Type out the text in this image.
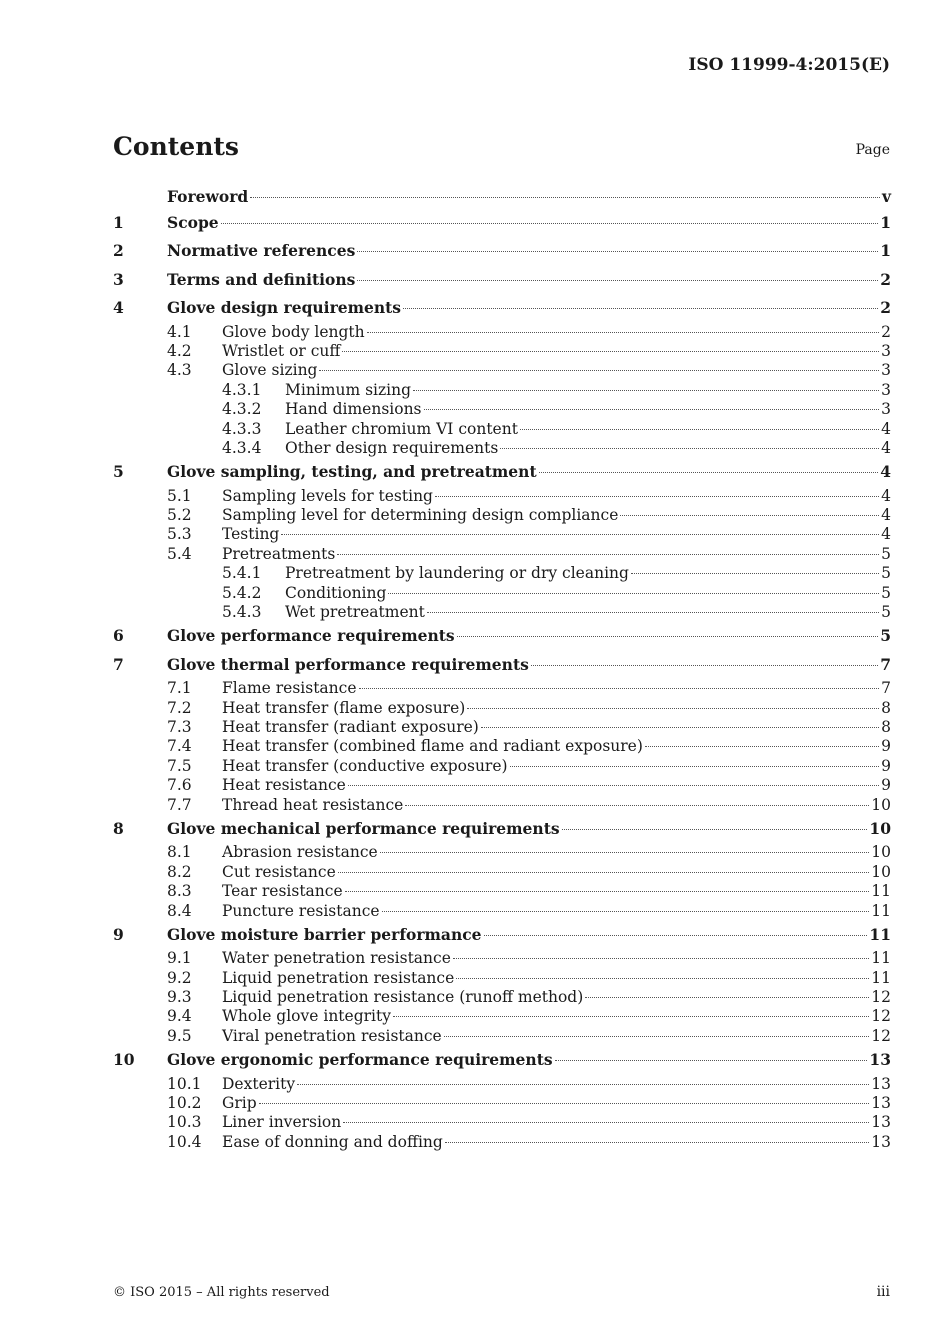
ISO 11999-4:2015(E)
Contents	Page
Foreword	v
1	Scope	1
2	Normative references	1
3	Terms and definitions	2
4	Glove design requirements	2
4.1	Glove body length	2
4.2	Wristlet or cuff	3
4.3	Glove sizing	3
4.3.1	Minimum sizing	3
4.3.2	Hand dimensions	3
4.3.3	Leather chromium VI content	4
4.3.4	Other design requirements	4
5	Glove sampling, testing, and pretreatment	4
5.1	Sampling levels for testing	4
5.2	Sampling level for determining design compliance	4
5.3	Testing	4
5.4	Pretreatments	5
5.4.1	Pretreatment by laundering or dry cleaning	5
5.4.2	Conditioning	5
5.4.3	Wet pretreatment	5
6	Glove performance requirements	5
7	Glove thermal performance requirements	7
7.1	Flame resistance	7
7.2	Heat transfer (flame exposure)	8
7.3	Heat transfer (radiant exposure)	8
7.4	Heat transfer (combined flame and radiant exposure)	9
7.5	Heat transfer (conductive exposure)	9
7.6	Heat resistance	9
7.7	Thread heat resistance	10
8	Glove mechanical performance requirements	10
8.1	Abrasion resistance	10
8.2	Cut resistance	10
8.3	Tear resistance	11
8.4	Puncture resistance	11
9	Glove moisture barrier performance	11
9.1	Water penetration resistance	11
9.2	Liquid penetration resistance	11
9.3	Liquid penetration resistance (runoff method)	12
9.4	Whole glove integrity	12
9.5	Viral penetration resistance	12
10	Glove ergonomic performance requirements	13
10.1	Dexterity	13
10.2	Grip	13
10.3	Liner inversion	13
10.4	Ease of donning and doffing	13
© ISO 2015 – All rights reserved	iii
